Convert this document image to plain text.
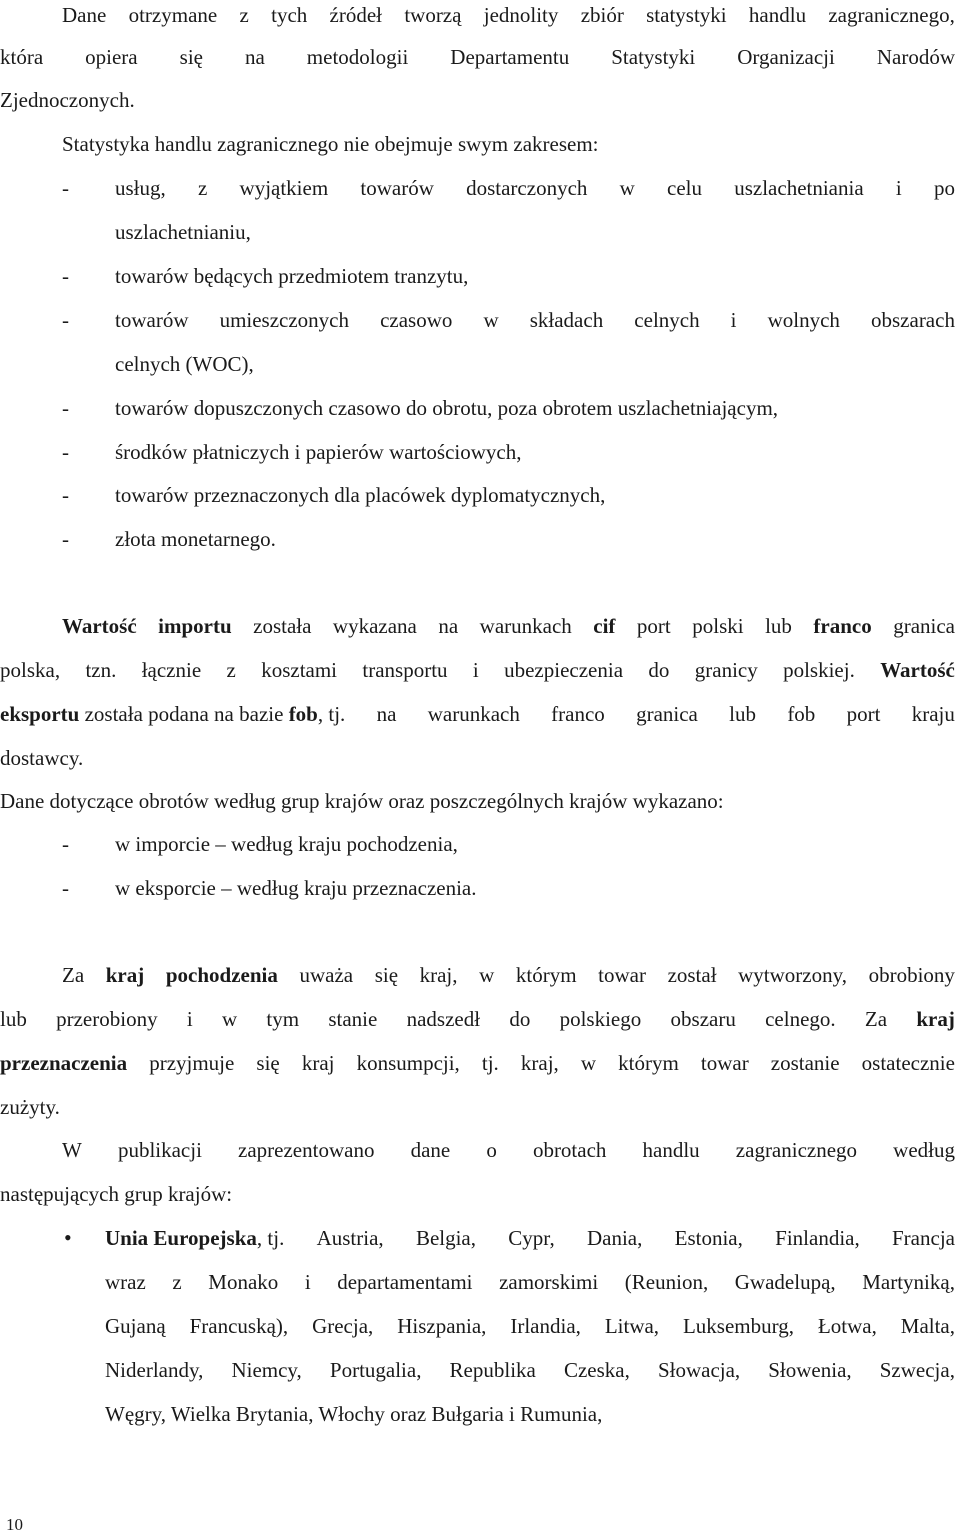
Dane otrzymane z tych źródeł tworzą jednolity zbiór statystyki handlu zagranicznego,
która opiera się na metodologii Departamentu Statystyki Organizacji Narodów
Zjednoczonych.
Statystyka handlu zagranicznego nie obejmuje swym zakresem:
- usług, z wyjątkiem towarów dostarczonych w celu uszlachetniania i po
uszlachetnianiu,
- towarów będących przedmiotem tranzytu,
- towarów umieszczonych czasowo w składach celnych i wolnych obszarach
celnych (WOC),
- towarów dopuszczonych czasowo do obrotu, poza obrotem uszlachetniającym,
- środków płatniczych i papierów wartościowych,
- towarów przeznaczonych dla placówek dyplomatycznych,
- złota monetarnego.
Wartość importu została wykazana na warunkach cif port polski lub franco granica
polska, tzn. łącznie z kosztami transportu i ubezpieczenia do granicy polskiej. Wartość
eksportu została podana na bazie fob, tj. na warunkach franco granica lub fob port kraju
dostawcy.
Dane dotyczące obrotów według grup krajów oraz poszczególnych krajów wykazano:
- w imporcie – według kraju pochodzenia,
- w eksporcie – według kraju przeznaczenia.
Za kraj pochodzenia uważa się kraj, w którym towar został wytworzony, obrobiony
lub przerobiony i w tym stanie nadszedł do polskiego obszaru celnego. Za kraj
przeznaczenia przyjmuje się kraj konsumpcji, tj. kraj, w którym towar zostanie ostatecznie
zużyty.
W publikacji zaprezentowano dane o obrotach handlu zagranicznego według
następujących grup krajów:
• Unia Europejska, tj. Austria, Belgia, Cypr, Dania, Estonia, Finlandia, Francja
wraz z Monako i departamentami zamorskimi (Reunion, Gwadelupą, Martyniką,
Gujaną Francuską), Grecja, Hiszpania, Irlandia, Litwa, Luksemburg, Łotwa, Malta,
Niderlandy, Niemcy, Portugalia, Republika Czeska, Słowacja, Słowenia, Szwecja,
Węgry, Wielka Brytania, Włochy oraz Bułgaria i Rumunia,
10
